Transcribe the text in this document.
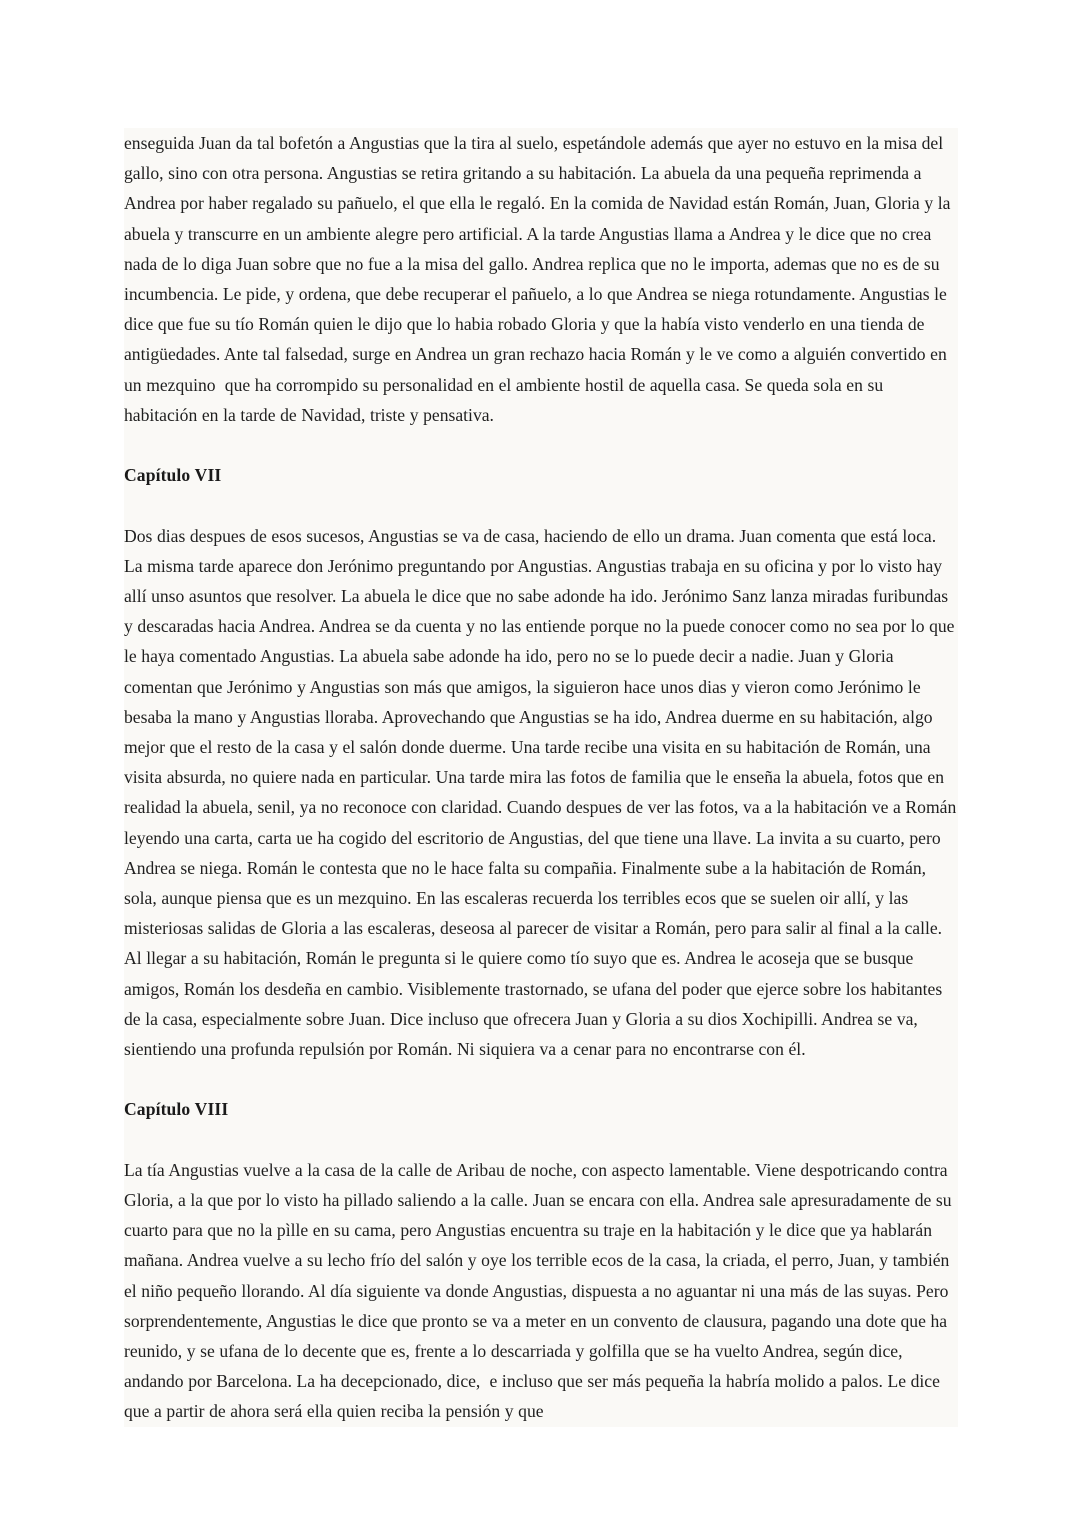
enseguida Juan da tal bofetón a Angustias que la tira al suelo, espetándole además que ayer no estuvo en la misa del gallo, sino con otra persona. Angustias se retira gritando a su habitación. La abuela da una pequeña reprimenda a Andrea por haber regalado su pañuelo, el que ella le regaló. En la comida de Navidad están Román, Juan, Gloria y la abuela y transcurre en un ambiente alegre pero artificial. A la tarde Angustias llama a Andrea y le dice que no crea nada de lo diga Juan sobre que no fue a la misa del gallo. Andrea replica que no le importa, ademas que no es de su incumbencia. Le pide, y ordena, que debe recuperar el pañuelo, a lo que Andrea se niega rotundamente. Angustias le dice que fue su tío Román quien le dijo que lo habia robado Gloria y que la había visto venderlo en una tienda de antigüedades. Ante tal falsedad, surge en Andrea un gran rechazo hacia Román y le ve como a alguién convertido en un mezquino  que ha corrompido su personalidad en el ambiente hostil de aquella casa. Se queda sola en su habitación en la tarde de Navidad, triste y pensativa.

Capítulo VII

Dos dias despues de esos sucesos, Angustias se va de casa, haciendo de ello un drama. Juan comenta que está loca. La misma tarde aparece don Jerónimo preguntando por Angustias. Angustias trabaja en su oficina y por lo visto hay allí unso asuntos que resolver. La abuela le dice que no sabe adonde ha ido. Jerónimo Sanz lanza miradas furibundas y descaradas hacia Andrea. Andrea se da cuenta y no las entiende porque no la puede conocer como no sea por lo que le haya comentado Angustias. La abuela sabe adonde ha ido, pero no se lo puede decir a nadie. Juan y Gloria comentan que Jerónimo y Angustias son más que amigos, la siguieron hace unos dias y vieron como Jerónimo le besaba la mano y Angustias lloraba. Aprovechando que Angustias se ha ido, Andrea duerme en su habitación, algo mejor que el resto de la casa y el salón donde duerme. Una tarde recibe una visita en su habitación de Román, una visita absurda, no quiere nada en particular. Una tarde mira las fotos de familia que le enseña la abuela, fotos que en realidad la abuela, senil, ya no reconoce con claridad. Cuando despues de ver las fotos, va a la habitación ve a Román leyendo una carta, carta ue ha cogido del escritorio de Angustias, del que tiene una llave. La invita a su cuarto, pero Andrea se niega. Román le contesta que no le hace falta su compañia. Finalmente sube a la habitación de Román, sola, aunque piensa que es un mezquino. En las escaleras recuerda los terribles ecos que se suelen oir allí, y las misteriosas salidas de Gloria a las escaleras, deseosa al parecer de visitar a Román, pero para salir al final a la calle. Al llegar a su habitación, Román le pregunta si le quiere como tío suyo que es. Andrea le acoseja que se busque amigos, Román los desdeña en cambio. Visiblemente trastornado, se ufana del poder que ejerce sobre los habitantes de la casa, especialmente sobre Juan. Dice incluso que ofrecera Juan y Gloria a su dios Xochipilli. Andrea se va, sientiendo una profunda repulsión por Román. Ni siquiera va a cenar para no encontrarse con él.

Capítulo VIII

La tía Angustias vuelve a la casa de la calle de Aribau de noche, con aspecto lamentable. Viene despotricando contra Gloria, a la que por lo visto ha pillado saliendo a la calle. Juan se encara con ella. Andrea sale apresuradamente de su cuarto para que no la pìlle en su cama, pero Angustias encuentra su traje en la habitación y le dice que ya hablarán mañana. Andrea vuelve a su lecho frío del salón y oye los terrible ecos de la casa, la criada, el perro, Juan, y también el niño pequeño llorando. Al día siguiente va donde Angustias, dispuesta a no aguantar ni una más de las suyas. Pero sorprendentemente, Angustias le dice que pronto se va a meter en un convento de clausura, pagando una dote que ha reunido, y se ufana de lo decente que es, frente a lo descarriada y golfilla que se ha vuelto Andrea, según dice, andando por Barcelona. La ha decepcionado, dice,  e incluso que ser más pequeña la habría molido a palos. Le dice que a partir de ahora será ella quien reciba la pensión y que
